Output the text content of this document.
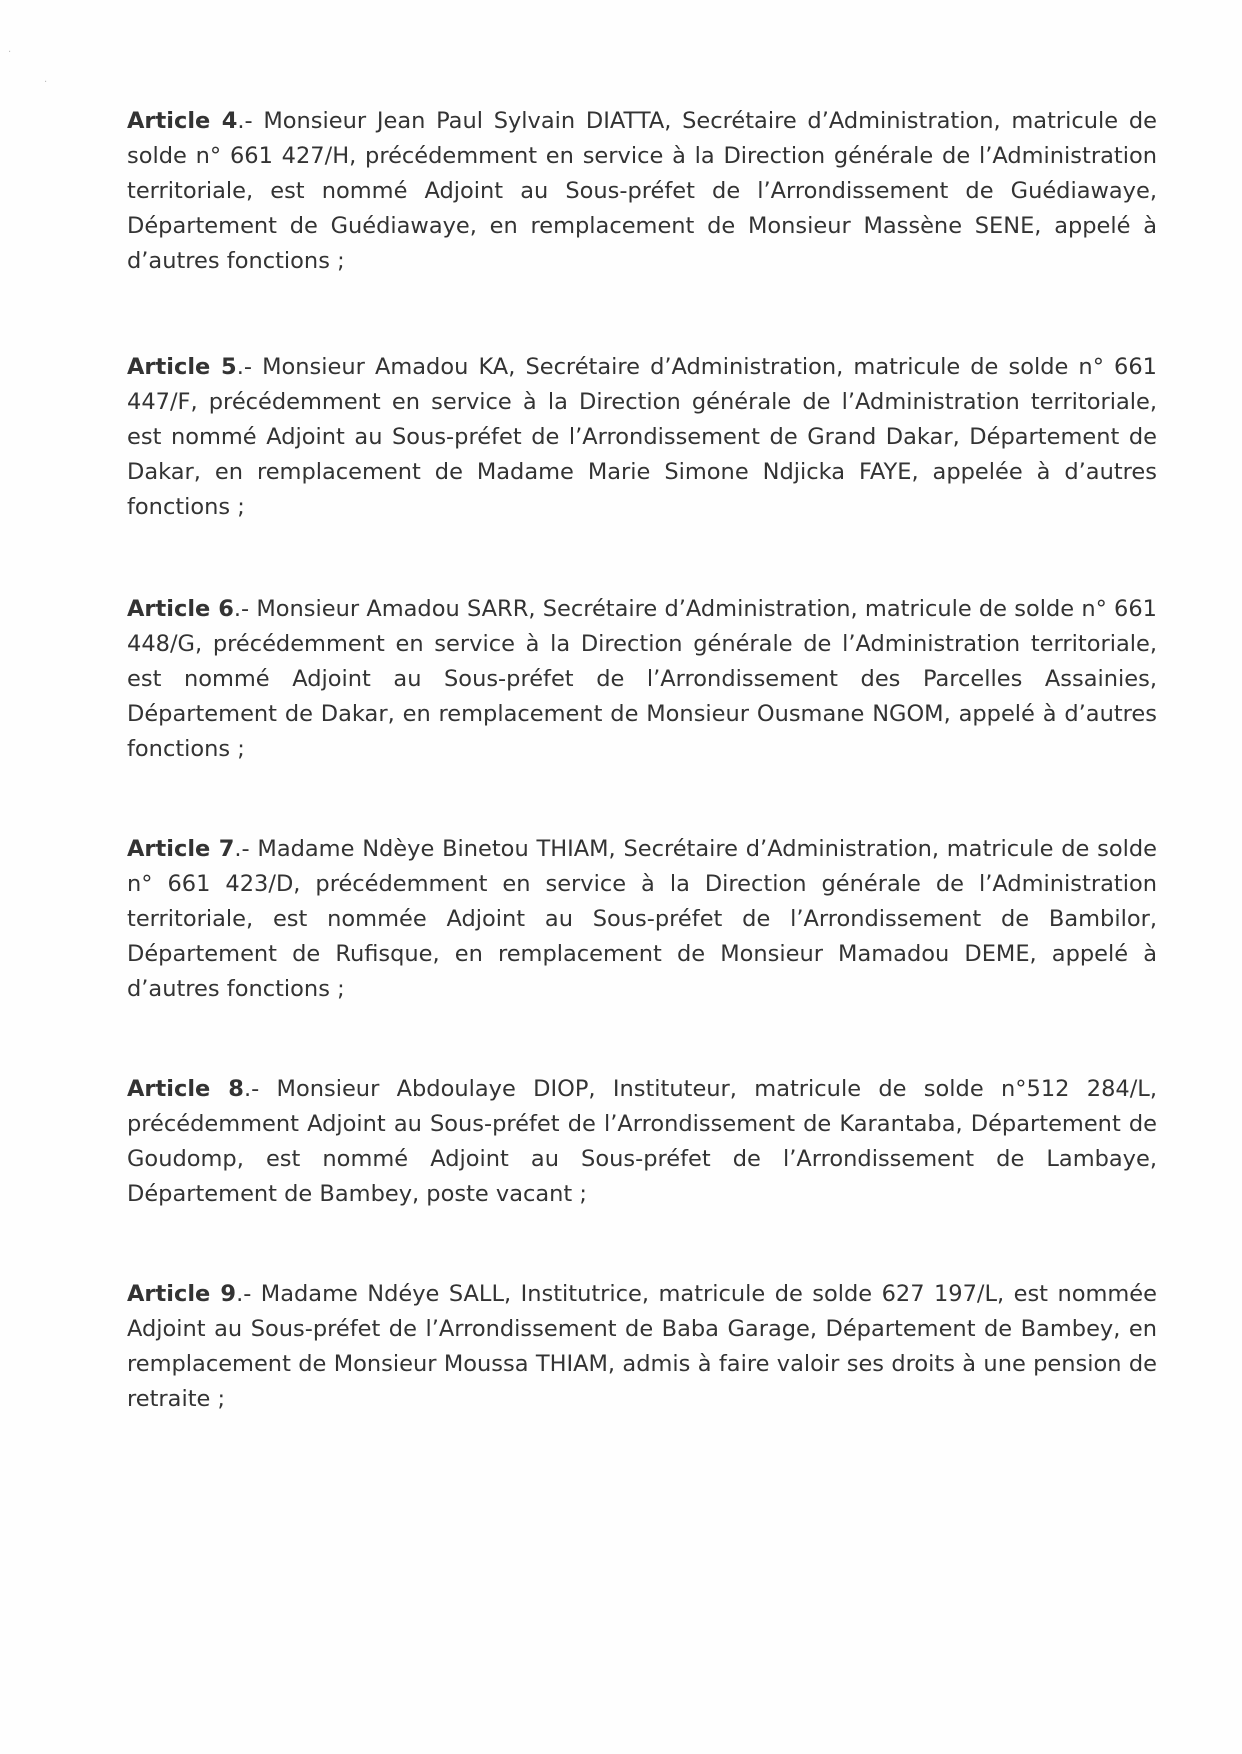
.
.

Article 4.- Monsieur Jean Paul Sylvain DIATTA, Secrétaire d’Administration, matricule de solde n° 661 427/H, précédemment en service à la Direction générale de l’Administration territoriale, est nommé Adjoint au Sous-préfet de l’Arrondissement de Guédiawaye, Département de Guédiawaye, en remplacement de Monsieur Massène SENE, appelé à d’autres fonctions ;

Article 5.- Monsieur Amadou KA, Secrétaire d’Administration, matricule de solde n° 661 447/F, précédemment en service à la Direction générale de l’Administration territoriale, est nommé Adjoint au Sous-préfet de l’Arrondissement de Grand Dakar, Département de Dakar, en remplacement de Madame Marie Simone Ndjicka FAYE, appelée à d’autres fonctions ;

Article 6.- Monsieur Amadou SARR, Secrétaire d’Administration, matricule de solde n° 661 448/G, précédemment en service à la Direction générale de l’Administration territoriale, est nommé Adjoint au Sous-préfet de l’Arrondissement des Parcelles Assainies, Département de Dakar, en remplacement de Monsieur Ousmane NGOM, appelé à d’autres fonctions ;

Article 7.- Madame Ndèye Binetou THIAM, Secrétaire d’Administration, matricule de solde n° 661 423/D, précédemment en service à la Direction générale de l’Administration territoriale, est nommée Adjoint au Sous-préfet de l’Arrondissement de Bambilor, Département de Rufisque, en remplacement de Monsieur Mamadou DEME, appelé à d’autres fonctions ;

Article 8.- Monsieur Abdoulaye DIOP, Instituteur, matricule de solde n°512 284/L, précédemment Adjoint au Sous-préfet de l’Arrondissement de Karantaba, Département de Goudomp, est nommé Adjoint au Sous-préfet de l’Arrondissement de Lambaye, Département de Bambey, poste vacant ;

Article 9.- Madame Ndéye SALL, Institutrice, matricule de solde 627 197/L, est nommée Adjoint au Sous-préfet de l’Arrondissement de Baba Garage, Département de Bambey, en remplacement de Monsieur Moussa THIAM, admis à faire valoir ses droits à une pension de retraite ;
